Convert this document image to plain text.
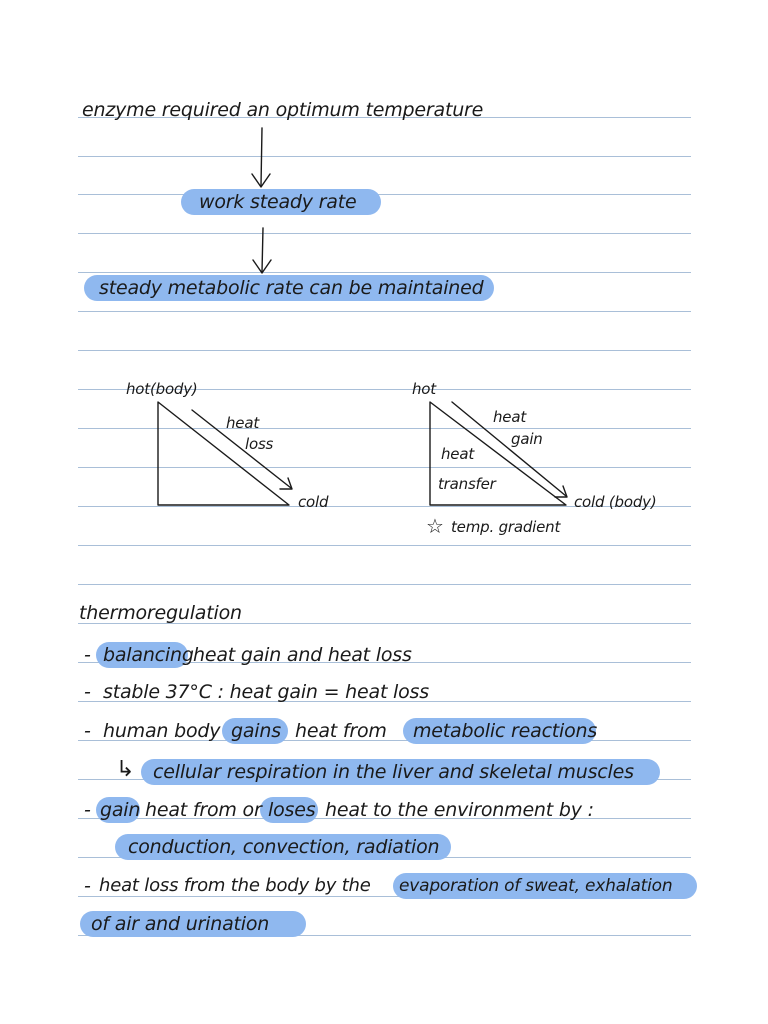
enzyme required an optimum temperature
work steady rate
steady metabolic rate can be maintained
hot(body)
heat
loss
cold
hot
heat
gain
heat
transfer
cold (body)
☆ temp. gradient
thermoregulation
- balancing heat gain and heat loss
- stable 37°C : heat gain = heat loss
- human body gains heat from metabolic reactions
↳ cellular respiration in the liver and skeletal muscles
- gain heat from or loses heat to the environment by :
conduction, convection, radiation
- heat loss from the body by the evaporation of sweat, exhalation
of air and urination
